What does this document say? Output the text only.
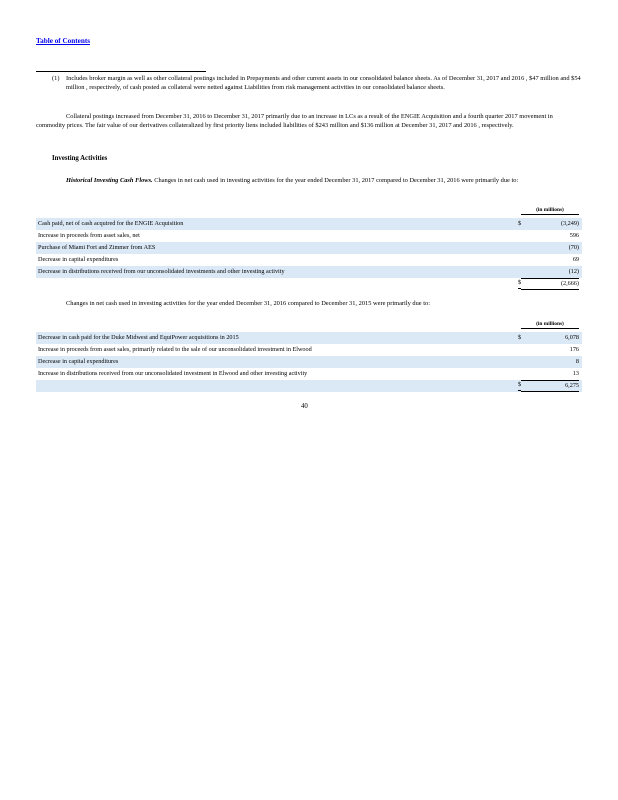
Table of Contents
(1)	Includes broker margin as well as other collateral postings included in Prepayments and other current assets in our consolidated balance sheets. As of December 31, 2017 and 2016 , $47 million and $54 million , respectively, of cash posted as collateral were netted against Liabilities from risk management activities in our consolidated balance sheets.
Collateral postings increased from December 31, 2016 to December 31, 2017 primarily due to an increase in LCs as a result of the ENGIE Acquisition and a fourth quarter 2017 movement in commodity prices. The fair value of our derivatives collateralized by first priority liens included liabilities of $243 million and $136 million at December 31, 2017 and 2016 , respectively.
Investing Activities
Historical Investing Cash Flows. Changes in net cash used in investing activities for the year ended December 31, 2017 compared to December 31, 2016 were primarily due to:
(in millions)
Cash paid, net of cash acquired for the ENGIE Acquisition	$	(3,249)
Increase in proceeds from asset sales, net	596
Purchase of Miami Fort and Zimmer from AES	(70)
Decrease in capital expenditures	69
Decrease in distributions received from our unconsolidated investments and other investing activity	(12)
$	(2,666)
Changes in net cash used in investing activities for the year ended December 31, 2016 compared to December 31, 2015 were primarily due to:
(in millions)
Decrease in cash paid for the Duke Midwest and EquiPower acquisitions in 2015	$	6,078
Increase in proceeds from asset sales, primarily related to the sale of our unconsolidated investment in Elwood	176
Decrease in capital expenditures	8
Increase in distributions received from our unconsolidated investment in Elwood and other investing activity	13
$	6,275
40
